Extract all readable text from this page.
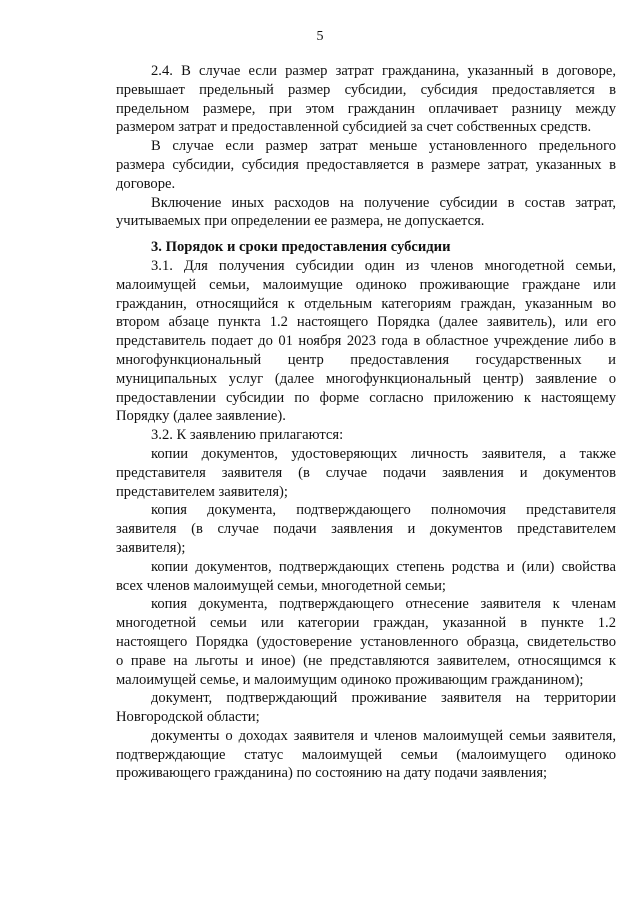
5
2.4. В случае если размер затрат гражданина, указанный в договоре,
превышает предельный размер субсидии, субсидия предоставляется в
предельном размере, при этом гражданин оплачивает разницу между
размером затрат и предоставленной субсидией за счет собственных средств.
В случае если размер затрат меньше установленного предельного
размера субсидии, субсидия предоставляется в размере затрат, указанных в
договоре.
Включение иных расходов на получение субсидии в состав затрат,
учитываемых при определении ее размера, не допускается.
3. Порядок и сроки предоставления субсидии
3.1. Для получения субсидии один из членов многодетной семьи,
малоимущей семьи, малоимущие одиноко проживающие граждане или
гражданин, относящийся к отдельным категориям граждан, указанным во
втором абзаце пункта 1.2 настоящего Порядка (далее заявитель), или его
представитель подает до 01 ноября 2023 года в областное учреждение либо в
многофункциональный центр предоставления государственных и
муниципальных услуг (далее многофункциональный центр) заявление о
предоставлении субсидии по форме согласно приложению к настоящему
Порядку (далее заявление).
3.2. К заявлению прилагаются:
копии документов, удостоверяющих личность заявителя, а также
представителя заявителя (в случае подачи заявления и документов
представителем заявителя);
копия документа, подтверждающего полномочия представителя
заявителя (в случае подачи заявления и документов представителем
заявителя);
копии документов, подтверждающих степень родства и (или) свойства
всех членов малоимущей семьи, многодетной семьи;
копия документа, подтверждающего отнесение заявителя к членам
многодетной семьи или категории граждан, указанной в пункте 1.2
настоящего Порядка (удостоверение установленного образца, свидетельство
о праве на льготы и иное) (не представляются заявителем, относящимся к
малоимущей семье, и малоимущим одиноко проживающим гражданином);
документ, подтверждающий проживание заявителя на территории
Новгородской области;
документы о доходах заявителя и членов малоимущей семьи заявителя,
подтверждающие статус малоимущей семьи (малоимущего одиноко
проживающего гражданина) по состоянию на дату подачи заявления;
